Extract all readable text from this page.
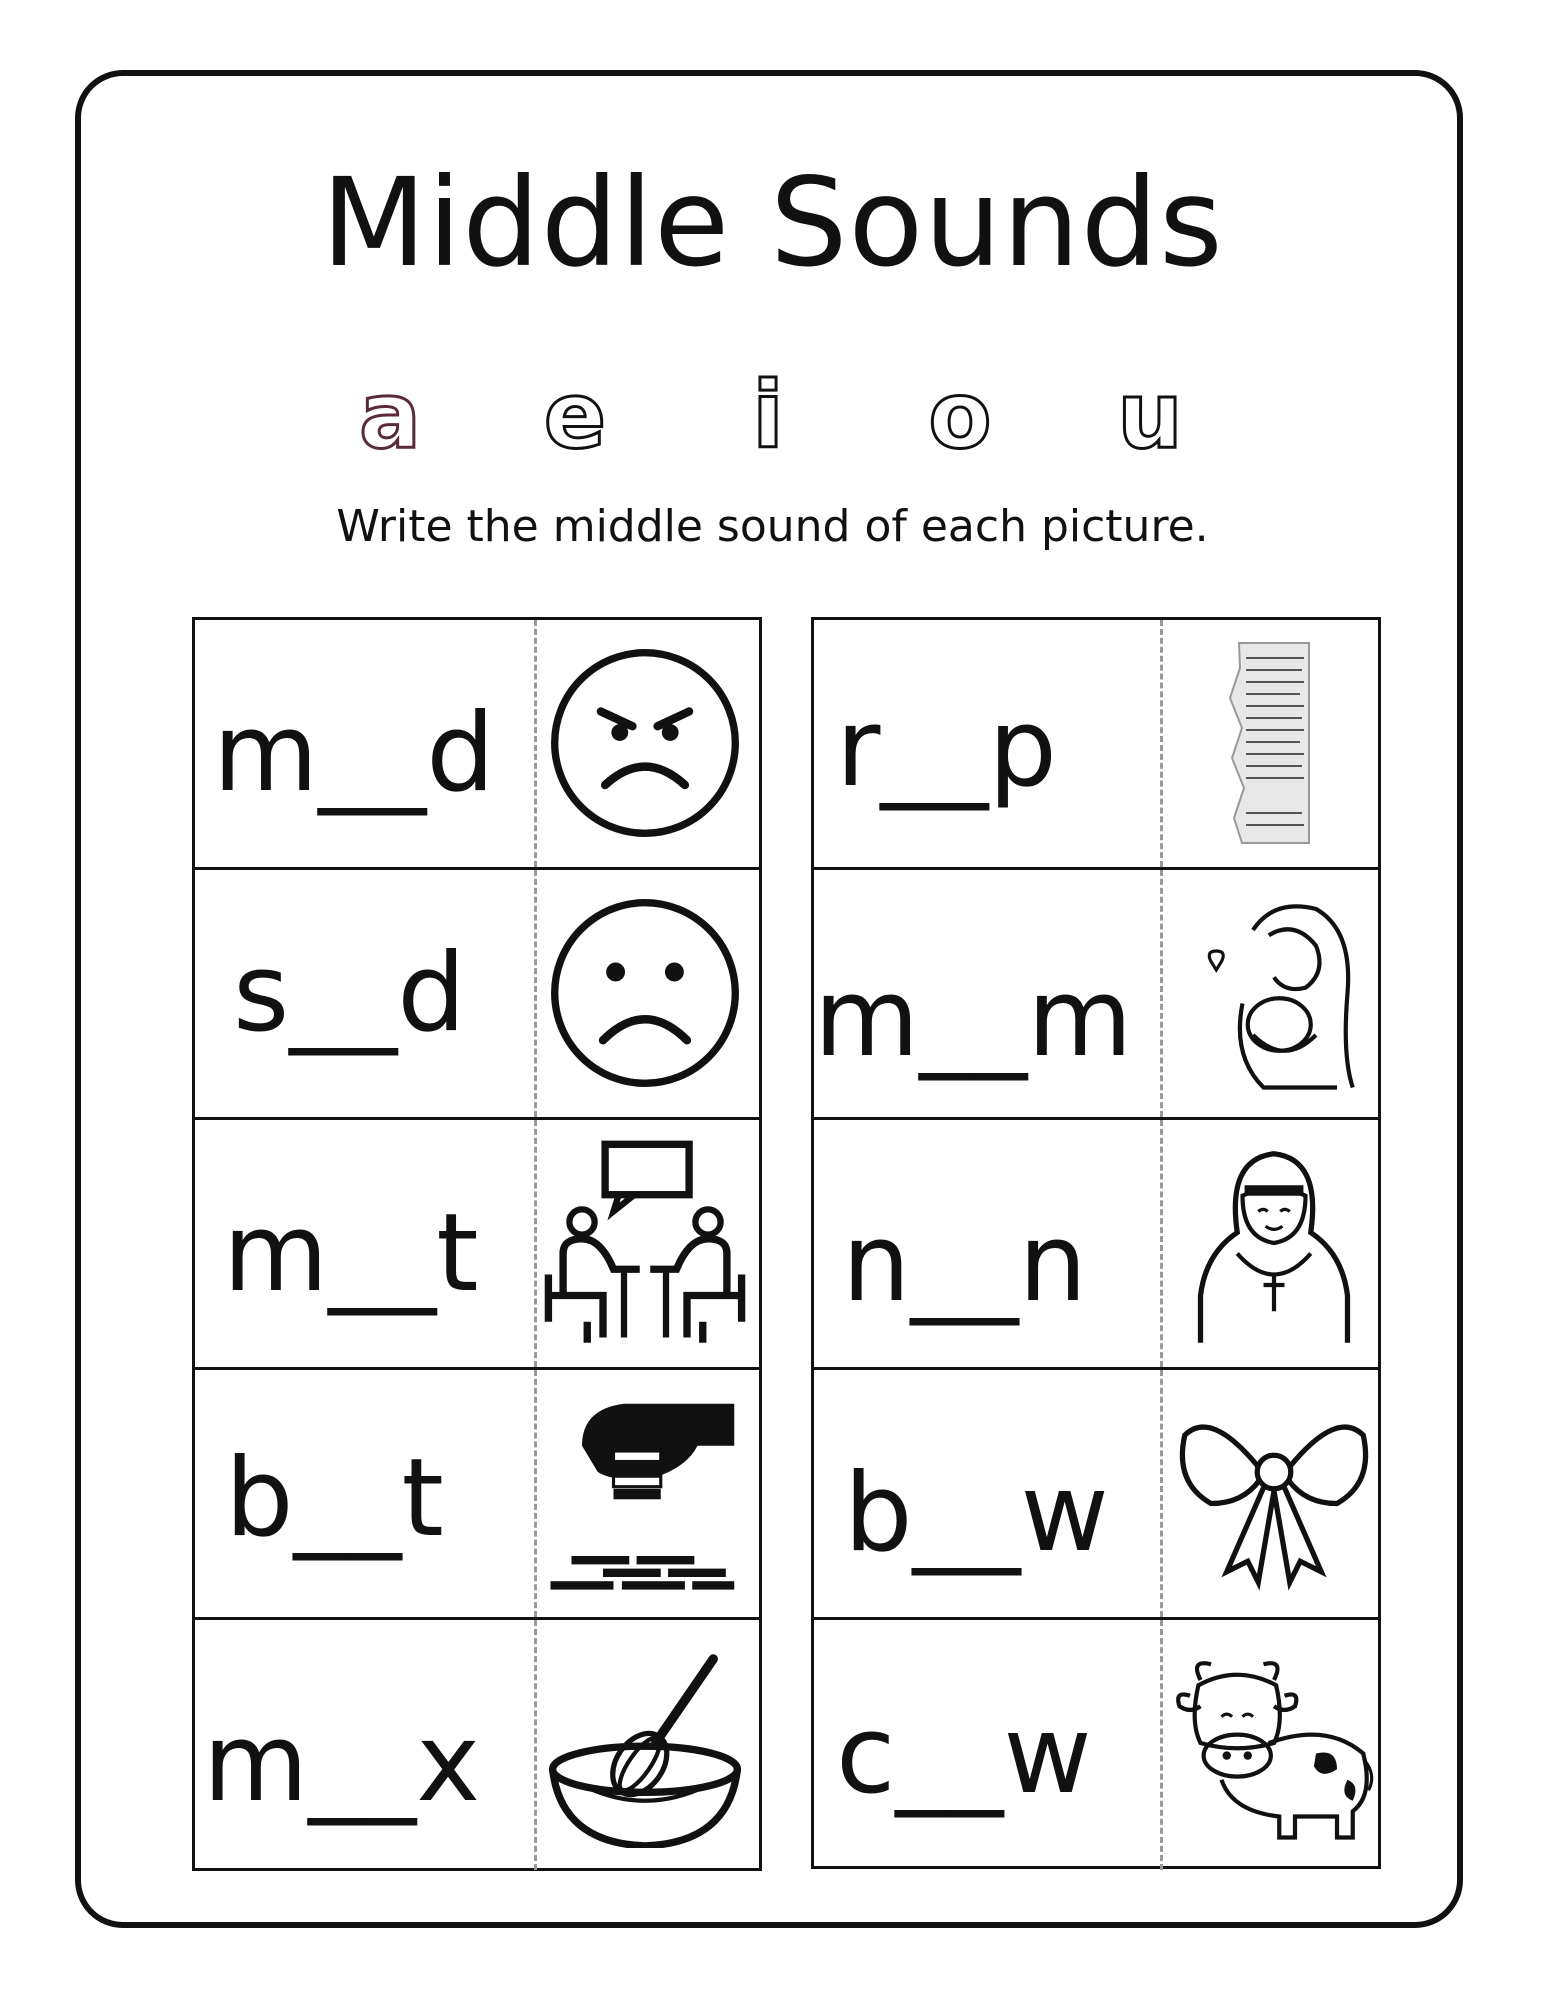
Middle Sounds
a e	i	o u
Write the middle sound of each picture.
m__d
s__d
m__t
b__t
m__x
r__p
m__m
n__n
b__w
c__w
